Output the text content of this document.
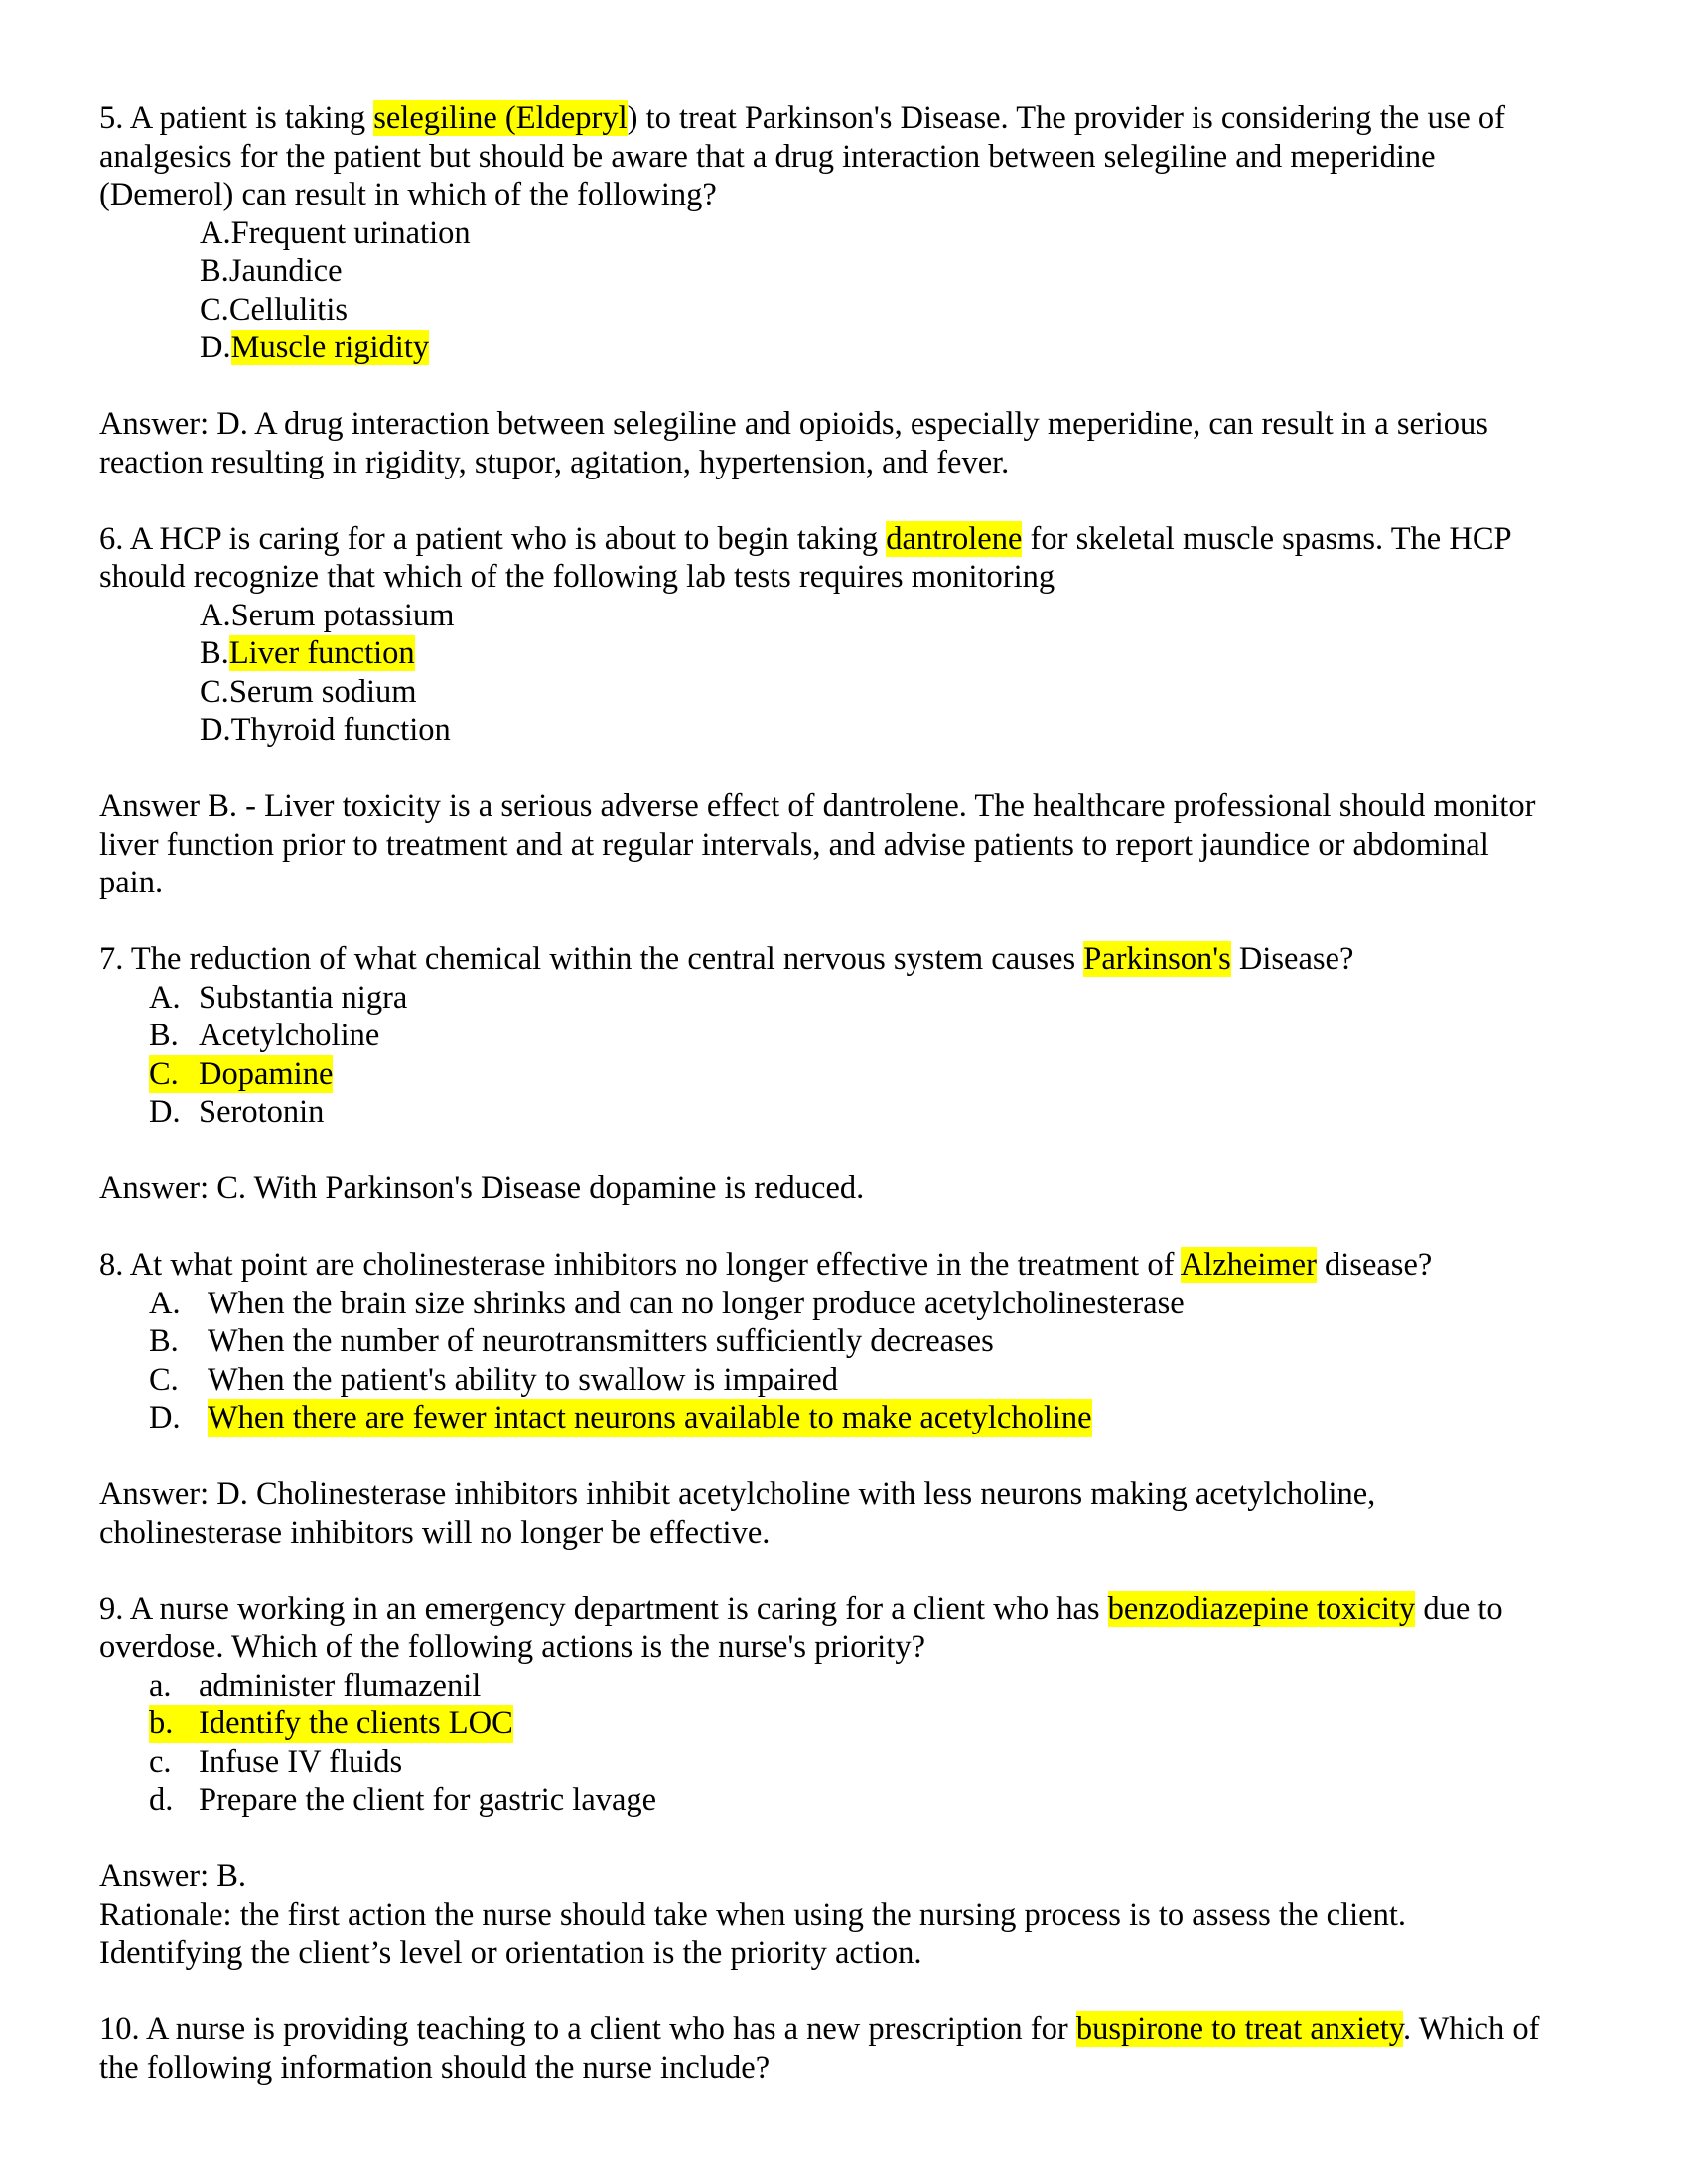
5. A patient is taking selegiline (Eldepryl) to treat Parkinson's Disease. The provider is considering the use of

analgesics for the patient but should be aware that a drug interaction between selegiline and meperidine

(Demerol) can result in which of the following?

A.Frequent urination

B.Jaundice

C.Cellulitis

D.Muscle rigidity

Answer: D. A drug interaction between selegiline and opioids, especially meperidine, can result in a serious

reaction resulting in rigidity, stupor, agitation, hypertension, and fever.

6. A HCP is caring for a patient who is about to begin taking dantrolene for skeletal muscle spasms. The HCP

should recognize that which of the following lab tests requires monitoring

A.Serum potassium

B.Liver function

C.Serum sodium

D.Thyroid function

Answer B. - Liver toxicity is a serious adverse effect of dantrolene. The healthcare professional should monitor

liver function prior to treatment and at regular intervals, and advise patients to report jaundice or abdominal

pain.

7. The reduction of what chemical within the central nervous system causes Parkinson's Disease?

A. Substantia nigra
B. Acetylcholine
C. Dopamine
D. Serotonin

Answer: C. With Parkinson's Disease dopamine is reduced.

8. At what point are cholinesterase inhibitors no longer effective in the treatment of Alzheimer disease?

A. When the brain size shrinks and can no longer produce acetylcholinesterase
B. When the number of neurotransmitters sufficiently decreases
C. When the patient's ability to swallow is impaired
D. When there are fewer intact neurons available to make acetylcholine

Answer: D. Cholinesterase inhibitors inhibit acetylcholine with less neurons making acetylcholine,

cholinesterase inhibitors will no longer be effective.

9. A nurse working in an emergency department is caring for a client who has benzodiazepine toxicity due to

overdose. Which of the following actions is the nurse's priority?

a. administer flumazenil
b. Identify the clients LOC
c. Infuse IV fluids
d. Prepare the client for gastric lavage

Answer: B.

Rationale: the first action the nurse should take when using the nursing process is to assess the client.

Identifying the client’s level or orientation is the priority action.

10. A nurse is providing teaching to a client who has a new prescription for buspirone to treat anxiety. Which of

the following information should the nurse include?
